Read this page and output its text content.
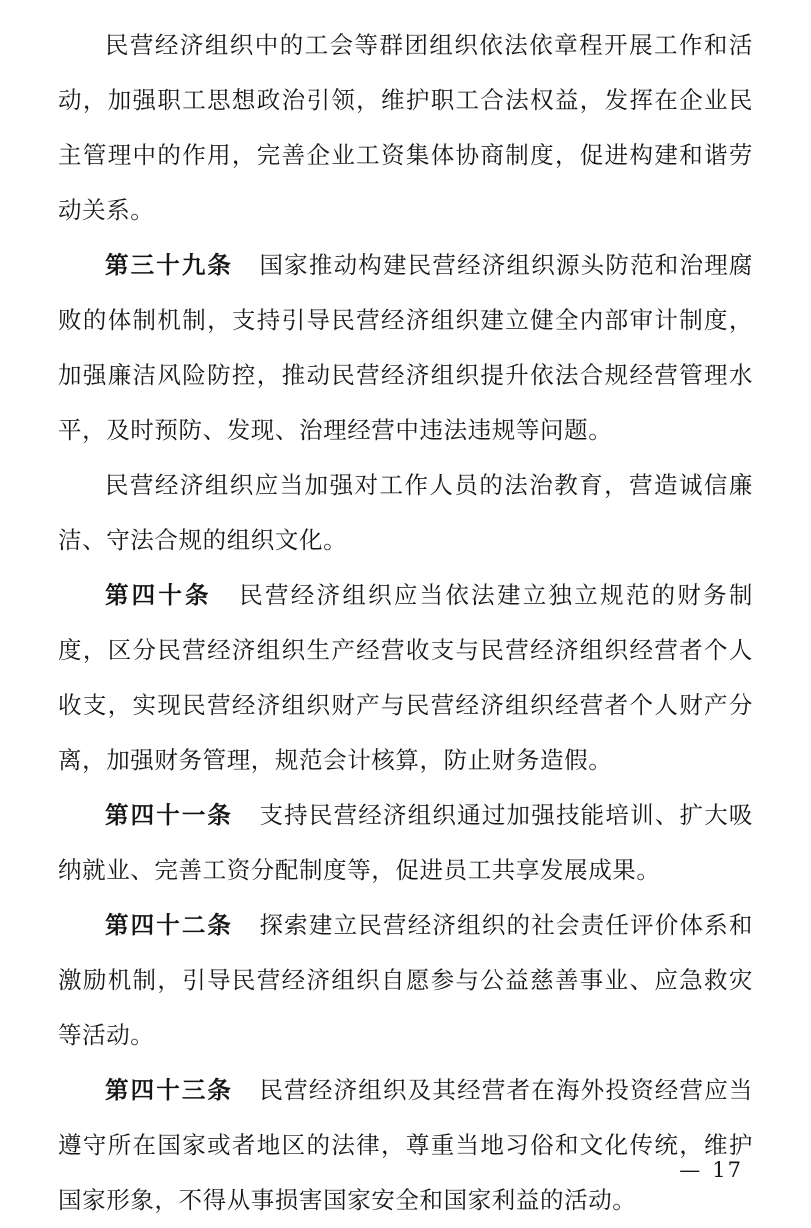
民营经济组织中的工会等群团组织依法依章程开展工作和活动，加强职工思想政治引领，维护职工合法权益，发挥在企业民主管理中的作用，完善企业工资集体协商制度，促进构建和谐劳动关系。

第三十九条 国家推动构建民营经济组织源头防范和治理腐败的体制机制，支持引导民营经济组织建立健全内部审计制度，加强廉洁风险防控，推动民营经济组织提升依法合规经营管理水平，及时预防、发现、治理经营中违法违规等问题。

民营经济组织应当加强对工作人员的法治教育，营造诚信廉洁、守法合规的组织文化。

第四十条 民营经济组织应当依法建立独立规范的财务制度，区分民营经济组织生产经营收支与民营经济组织经营者个人收支，实现民营经济组织财产与民营经济组织经营者个人财产分离，加强财务管理，规范会计核算，防止财务造假。

第四十一条 支持民营经济组织通过加强技能培训、扩大吸纳就业、完善工资分配制度等，促进员工共享发展成果。

第四十二条 探索建立民营经济组织的社会责任评价体系和激励机制，引导民营经济组织自愿参与公益慈善事业、应急救灾等活动。

第四十三条 民营经济组织及其经营者在海外投资经营应当遵守所在国家或者地区的法律，尊重当地习俗和文化传统，维护国家形象，不得从事损害国家安全和国家利益的活动。

— 17
